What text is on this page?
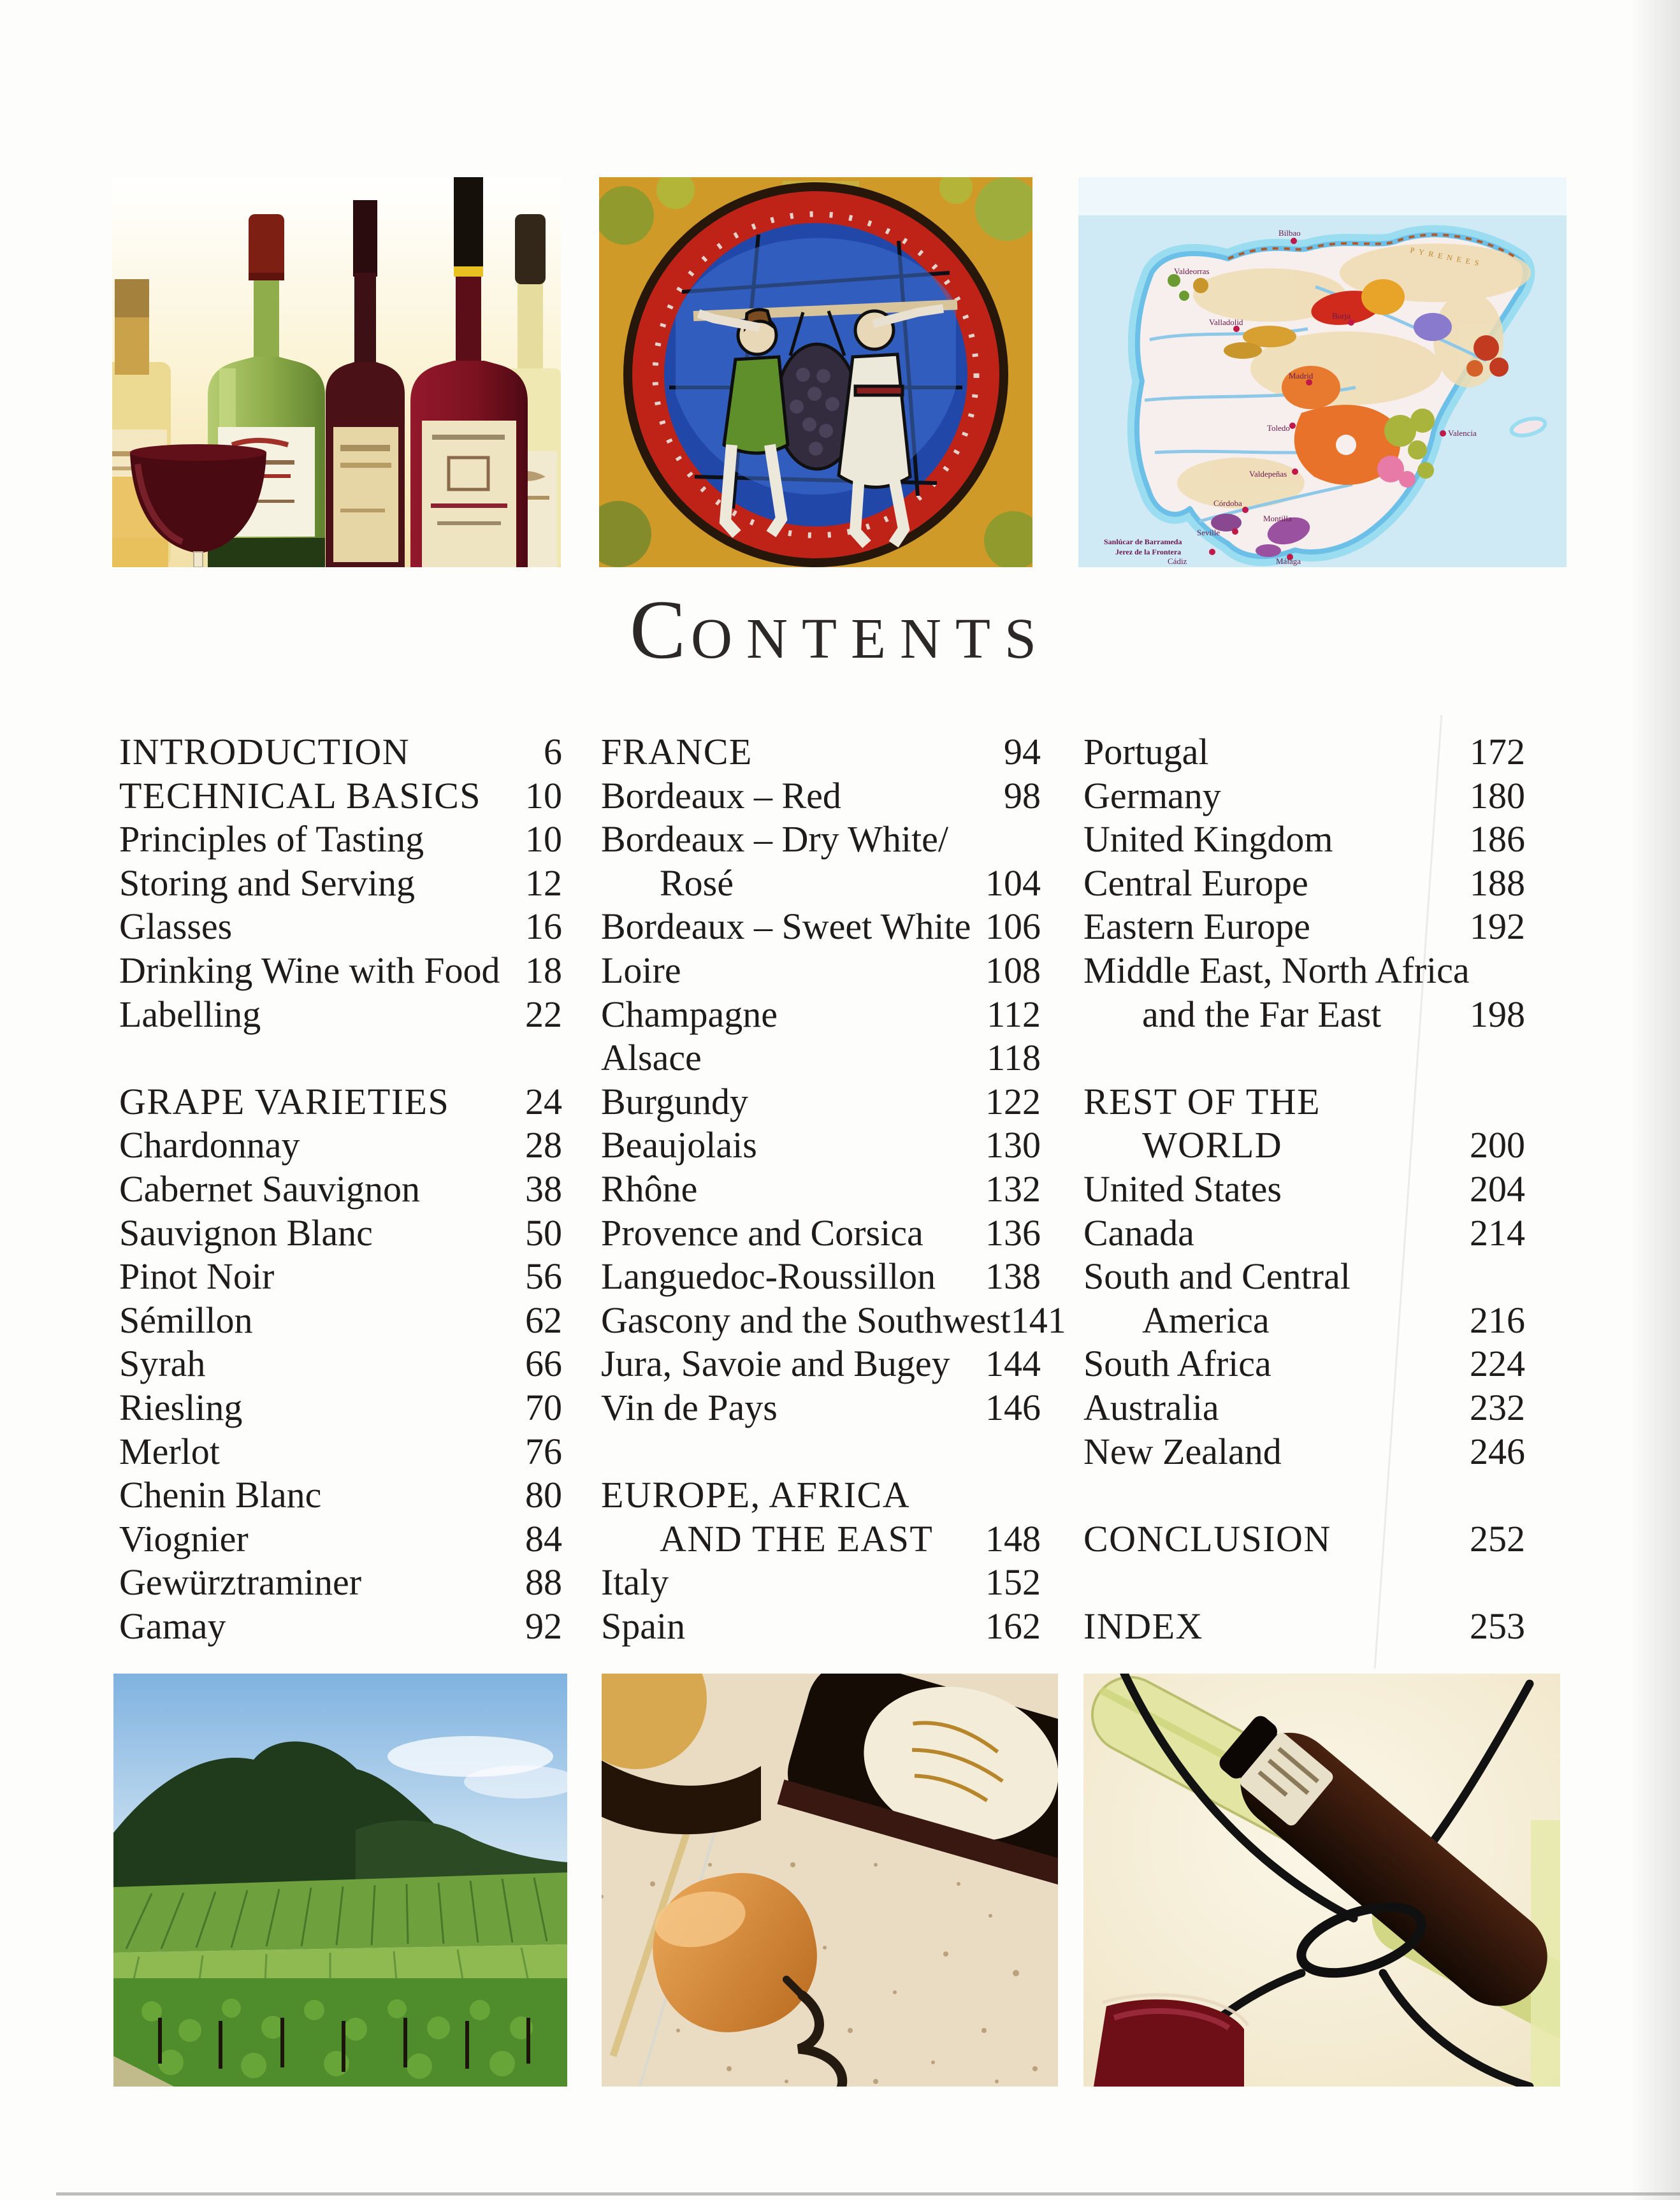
Bilbao
PYRENEES
Valdeorras
Valladolid
Borja
Madrid
Toledo
Valencia
Valdepeñas
Córdoba
Montilla
Seville
Sanlúcar de Barrameda
Jerez de la Frontera
Cádiz	Málaga
CONTENTS
INTRODUCTION	6
TECHNICAL BASICS 10
Principles of Tasting	10
Storing and Serving	12
Glasses	16
Drinking Wine with Food 18
Labelling	22
GRAPE VARIETIES 24
Chardonnay	28
Cabernet Sauvignon	38
Sauvignon Blanc	50
Pinot Noir	56
Sémillon	62
Syrah	66
Riesling	70
Merlot	76
Chenin Blanc	80
Viognier	84
Gewürztraminer	88
Gamay	92
FRANCE	94
Bordeaux – Red	98
Bordeaux – Dry White/
Rosé	104
Bordeaux – Sweet White 106
Loire	108
Champagne	112
Alsace	118
Burgundy	122
Beaujolais	130
Rhône	132
Provence and Corsica 136
Languedoc-Roussillon 138
Gascony and the Southwest 141
Jura, Savoie and Bugey 144
Vin de Pays	146
EUROPE, AFRICA
AND THE EAST 148
Italy	152
Spain	162
Portugal	172
Germany	180
United Kingdom	186
Central Europe	188
Eastern Europe	192
Middle East, North Africa
and the Far East 198
REST OF THE
WORLD	200
United States	204
Canada	214
South and Central
America	216
South Africa	224
Australia	232
New Zealand	246
CONCLUSION	252
INDEX	253
